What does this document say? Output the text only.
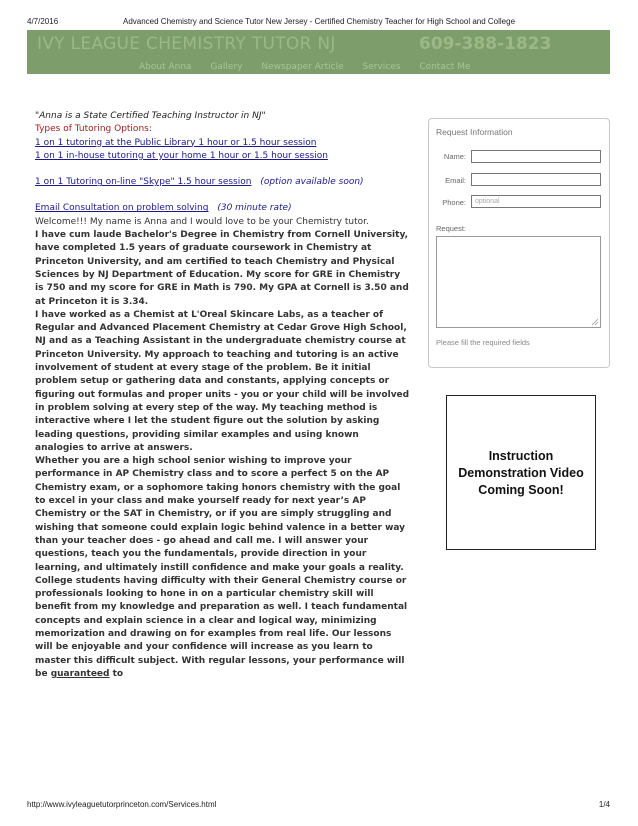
4/7/2016	Advanced Chemistry and Science Tutor New Jersey - Certified Chemistry Teacher for High School and College
IVY LEAGUE CHEMISTRY TUTOR NJ	609-388-1823
About Anna Gallery Newspaper Article Services Contact Me

"Anna is a State Certified Teaching Instructor in NJ"

Types of Tutoring Options:

1 on 1 tutoring at the Public Library 1 hour or 1.5 hour session

1 on 1 in-house tutoring at your home 1 hour or 1.5 hour session

1 on 1 Tutoring on-line "Skype" 1.5 hour session (option available soon)

Email Consultation on problem solving (30 minute rate)

Welcome!!! My name is Anna and I would love to be your Chemistry tutor.

I have cum laude Bachelor's Degree in Chemistry from Cornell University, have completed 1.5 years of graduate coursework in Chemistry at Princeton University, and am certified to teach Chemistry and Physical Sciences by NJ Department of Education. My score for GRE in Chemistry is 750 and my score for GRE in Math is 790. My GPA at Cornell is 3.50 and at Princeton it is 3.34.

I have worked as a Chemist at L'Oreal Skincare Labs, as a teacher of Regular and Advanced Placement Chemistry at Cedar Grove High School, NJ and as a Teaching Assistant in the undergraduate chemistry course at Princeton University. My approach to teaching and tutoring is an active involvement of student at every stage of the problem. Be it initial problem setup or gathering data and constants, applying concepts or figuring out formulas and proper units - you or your child will be involved in problem solving at every step of the way. My teaching method is interactive where I let the student figure out the solution by asking leading questions, providing similar examples and using known analogies to arrive at answers.

Whether you are a high school senior wishing to improve your performance in AP Chemistry class and to score a perfect 5 on the AP Chemistry exam, or a sophomore taking honors chemistry with the goal to excel in your class and make yourself ready for next year’s AP Chemistry or the SAT in Chemistry, or if you are simply struggling and wishing that someone could explain logic behind valence in a better way than your teacher does - go ahead and call me. I will answer your questions, teach you the fundamentals, provide direction in your learning, and ultimately instill confidence and make your goals a reality.

College students having difficulty with their General Chemistry course or professionals looking to hone in on a particular chemistry skill will benefit from my knowledge and preparation as well. I teach fundamental concepts and explain science in a clear and logical way, minimizing memorization and drawing on for examples from real life. Our lessons will be enjoyable and your confidence will increase as you learn to master this difficult subject. With regular lessons, your performance will be guaranteed to

Request Information
Name:
Email:
Phone:	optional
Request:
Please fill the required fields
Instruction
Demonstration Video
Coming Soon!
http://www.ivyleaguetutorprinceton.com/Services.html	1/4
